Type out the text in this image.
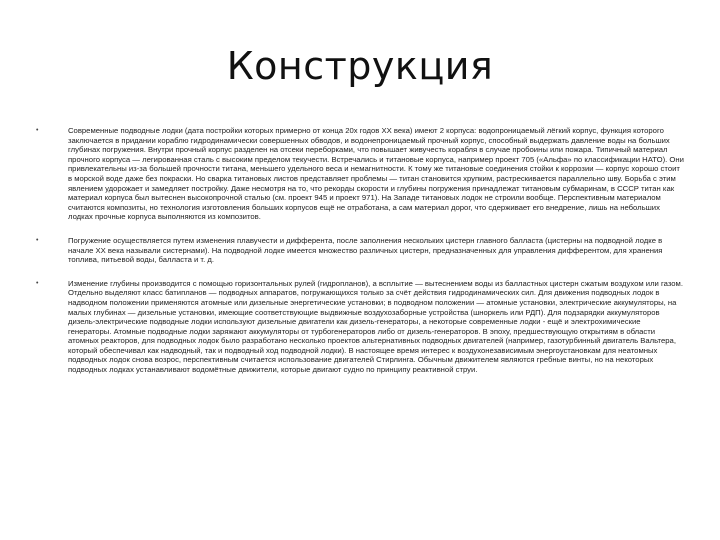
Конструкция
•	Современные подводные лодки (дата постройки которых примерно от конца 20х годов XX века) имеют 2 корпуса: водопроницаемый лёгкий корпус, функция которого заключается в придании кораблю гидродинамически совершенных обводов, и водонепроницаемый прочный корпус, способный выдержать давление воды на больших глубинах погружения. Внутри прочный корпус разделен на отсеки переборками, что повышает живучесть корабля в случае пробоины или пожара. Типичный материал прочного корпуса — легированная сталь с высоким пределом текучести. Встречались и титановые корпуса, например проект 705 («Альфа» по классификации НАТО). Они привлекательны из-за большей прочности титана, меньшего удельного веса и немагнитности. К тому же титановые соединения стойки к коррозии — корпус хорошо стоит в морской воде даже без покраски. Но сварка титановых листов представляет проблемы — титан становится хрупким, растрескивается параллельно шву. Борьба с этим явлением удорожает и замедляет постройку. Даже несмотря на то, что рекорды скорости и глубины погружения принадлежат титановым субмаринам, в СССР титан как материал корпуса был вытеснен высокопрочной сталью (см. проект 945 и проект 971). На Западе титановых лодок не строили вообще. Перспективным материалом считаются композиты, но технология изготовления больших корпусов ещё не отработана, а сам материал дорог, что сдерживает его внедрение, лишь на небольших лодках прочные корпуса выполняются из композитов.
•	Погружение осуществляется путем изменения плавучести и дифферента, после заполнения нескольких цистерн главного балласта (цистерны на подводной лодке в начале XX века называли систернами). На подводной лодке имеется множество различных цистерн, предназначенных для управления дифферентом, для хранения топлива, питьевой воды, балласта и т. д.
•	Изменение глубины производится с помощью горизонтальных рулей (гидропланов), а всплытие — вытеснением воды из балластных цистерн сжатым воздухом или газом. Отдельно выделяют класс батипланов — подводных аппаратов, погружающихся только за счёт действия гидродинамических сил. Для движения подводных лодок в надводном положении применяются атомные или дизельные энергетические установки; в подводном положении — атомные установки, электрические аккумуляторы, на малых глубинах — дизельные установки, имеющие соответствующие выдвижные воздухозаборные устройства (шноркель или РДП). Для подзарядки аккумуляторов дизель-электрические подводные лодки используют дизельные двигатели как дизель-генераторы, а некоторые современные лодки - ещё и электрохимические генераторы. Атомные подводные лодки заряжают аккумуляторы от турбогенераторов либо от дизель-генераторов. В эпоху, предшествующую открытиям в области атомных реакторов, для подводных лодок было разработано несколько проектов альтернативных подводных двигателей (например, газотурбинный двигатель Вальтера, который обеспечивал как надводный, так и подводный ход подводной лодки). В настоящее время интерес к воздухонезависимым энергоустановкам для неатомных подводных лодок снова возрос, перспективным считается использование двигателей Стирлинга. Обычным движителем являются гребные винты, но на некоторых подводных лодках устанавливают водомётные движители, которые двигают судно по принципу реактивной струи.
